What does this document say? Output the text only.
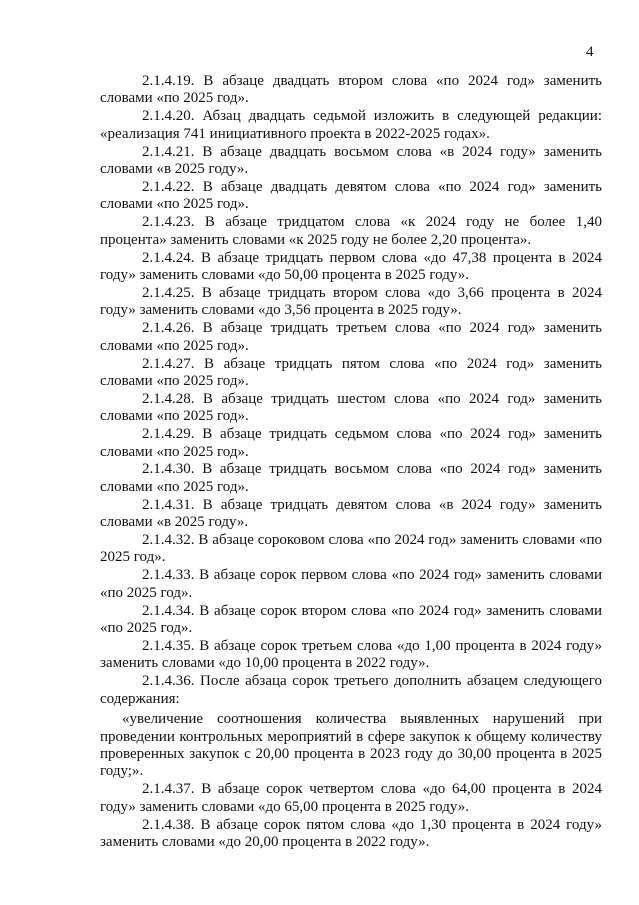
4

2.1.4.19. В абзаце двадцать втором слова «по 2024 год» заменить словами «по 2025 год».

2.1.4.20. Абзац двадцать седьмой изложить в следующей редакции: «реализация 741 инициативного проекта в 2022-2025 годах».

2.1.4.21. В абзаце двадцать восьмом слова «в 2024 году» заменить словами «в 2025 году».

2.1.4.22. В абзаце двадцать девятом слова «по 2024 год» заменить словами «по 2025 год».

2.1.4.23. В абзаце тридцатом слова «к 2024 году не более 1,40 процента» заменить словами «к 2025 году не более 2,20 процента».

2.1.4.24. В абзаце тридцать первом слова «до 47,38 процента в 2024 году» заменить словами «до 50,00 процента в 2025 году».

2.1.4.25. В абзаце тридцать втором слова «до 3,66 процента в 2024 году» заменить словами «до 3,56 процента в 2025 году».

2.1.4.26. В абзаце тридцать третьем слова «по 2024 год» заменить словами «по 2025 год».

2.1.4.27. В абзаце тридцать пятом слова «по 2024 год» заменить словами «по 2025 год».

2.1.4.28. В абзаце тридцать шестом слова «по 2024 год» заменить словами «по 2025 год».

2.1.4.29. В абзаце тридцать седьмом слова «по 2024 год» заменить словами «по 2025 год».

2.1.4.30. В абзаце тридцать восьмом слова «по 2024 год» заменить словами «по 2025 год».

2.1.4.31. В абзаце тридцать девятом слова «в 2024 году» заменить словами «в 2025 году».

2.1.4.32. В абзаце сороковом слова «по 2024 год» заменить словами «по 2025 год».

2.1.4.33. В абзаце сорок первом слова «по 2024 год» заменить словами «по 2025 год».

2.1.4.34. В абзаце сорок втором слова «по 2024 год» заменить словами «по 2025 год».

2.1.4.35. В абзаце сорок третьем слова «до 1,00 процента в 2024 году» заменить словами «до 10,00 процента в 2022 году».

2.1.4.36. После абзаца сорок третьего дополнить абзацем следующего содержания:

«увеличение соотношения количества выявленных нарушений при проведении контрольных мероприятий в сфере закупок к общему количеству проверенных закупок с 20,00 процента в 2023 году до 30,00 процента в 2025 году;».

2.1.4.37. В абзаце сорок четвертом слова «до 64,00 процента в 2024 году» заменить словами «до 65,00 процента в 2025 году».

2.1.4.38. В абзаце сорок пятом слова «до 1,30 процента в 2024 году» заменить словами «до 20,00 процента в 2022 году».
